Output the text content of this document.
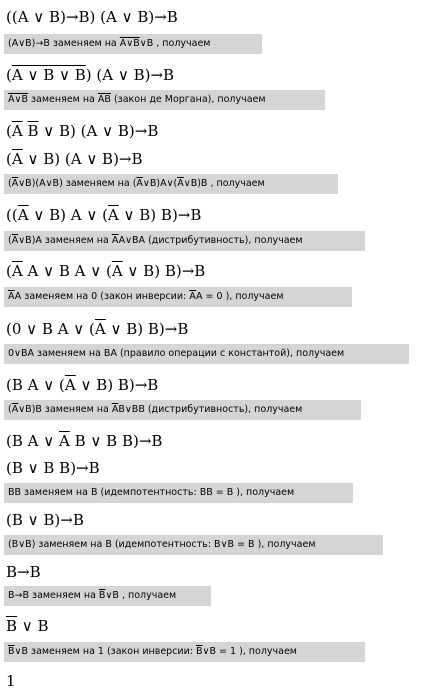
((A ∨ B)→B) (A ∨ B)→B
(A∨B)→B заменяем на A∨B∨B , получаем
(A ∨ B ∨ B) (A ∨ B)→B
A∨B заменяем на $\overline{A}\overline{B}$ (закон де Моргана), получаем
($\overline{A}$ $\overline{B}$ ∨ B) (A ∨ B)→B
($\overline{A}$ ∨ B) (A ∨ B)→B
$(\overline{A}\vee B)(A\vee B)$ заменяем на $(\overline{A}\vee B)A\vee(\overline{A}\vee B)B$ , получаем
(($\overline{A}$ ∨ B) A ∨ ($\overline{A}$ ∨ B) B)→B
$(\overline{A}\vee B)A$ заменяем на $\overline{A}A\vee BA$ (дистрибутивность), получаем
($\overline{A}$ A ∨ B A ∨ ($\overline{A}$ ∨ B) B)→B
$\overline{A}A$ заменяем на 0 (закон инверсии: $\overline{A}A = 0$ ), получаем
(0 ∨ B A ∨ ($\overline{A}$ ∨ B) B)→B
0∨BA заменяем на BA (правило операции с константой), получаем
(B A ∨ ($\overline{A}$ ∨ B) B)→B
$(\overline{A}\vee B)B$ заменяем на $\overline{A}B\vee BB$ (дистрибутивность), получаем
(B A ∨ $\overline{A}$ B ∨ B B)→B
(B ∨ B B)→B
BB заменяем на B (идемпотентность: BB = B ), получаем
(B ∨ B)→B
(B∨B) заменяем на B (идемпотентность: B∨B = B ), получаем
B→B
B→B заменяем на $\overline{B}\vee B$ , получаем
$\overline{B}$ ∨ B
$\overline{B}\vee B$ заменяем на 1 (закон инверсии: $\overline{B}\vee B = 1$ ), получаем
1
